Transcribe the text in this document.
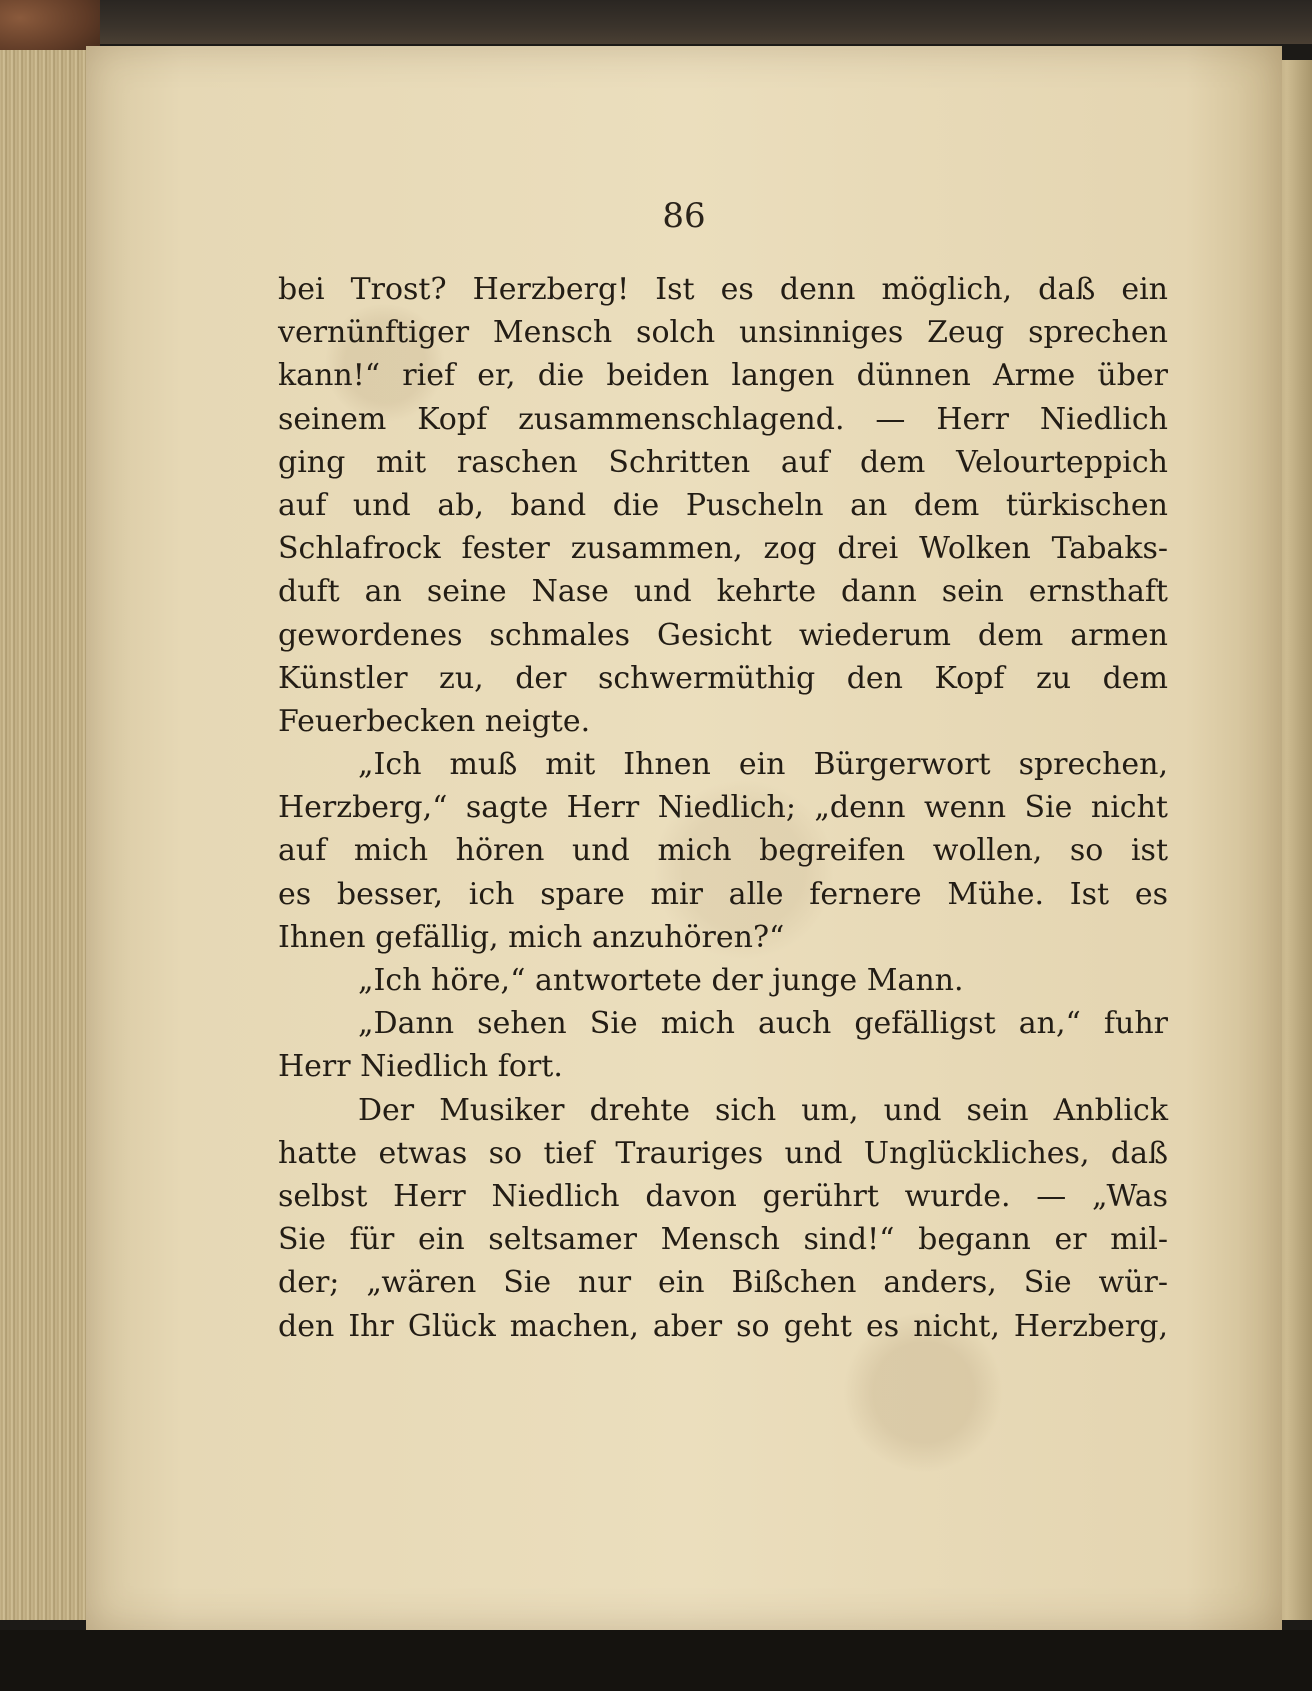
86
bei Trost? Herzberg! Ist es denn möglich, daß ein
vernünftiger Mensch solch unsinniges Zeug sprechen
kann!“ rief er, die beiden langen dünnen Arme über
seinem Kopf zusammenschlagend. — Herr Niedlich
ging mit raschen Schritten auf dem Velourteppich
auf und ab, band die Puscheln an dem türkischen
Schlafrock fester zusammen, zog drei Wolken Tabaks-
duft an seine Nase und kehrte dann sein ernsthaft
gewordenes schmales Gesicht wiederum dem armen
Künstler zu, der schwermüthig den Kopf zu dem
Feuerbecken neigte.
„Ich muß mit Ihnen ein Bürgerwort sprechen,
Herzberg,“ sagte Herr Niedlich; „denn wenn Sie nicht
auf mich hören und mich begreifen wollen, so ist
es besser, ich spare mir alle fernere Mühe. Ist es
Ihnen gefällig, mich anzuhören?“
„Ich höre,“ antwortete der junge Mann.
„Dann sehen Sie mich auch gefälligst an,“ fuhr
Herr Niedlich fort.
Der Musiker drehte sich um, und sein Anblick
hatte etwas so tief Trauriges und Unglückliches, daß
selbst Herr Niedlich davon gerührt wurde. — „Was
Sie für ein seltsamer Mensch sind!“ begann er mil-
der; „wären Sie nur ein Bißchen anders, Sie wür-
den Ihr Glück machen, aber so geht es nicht, Herzberg,
